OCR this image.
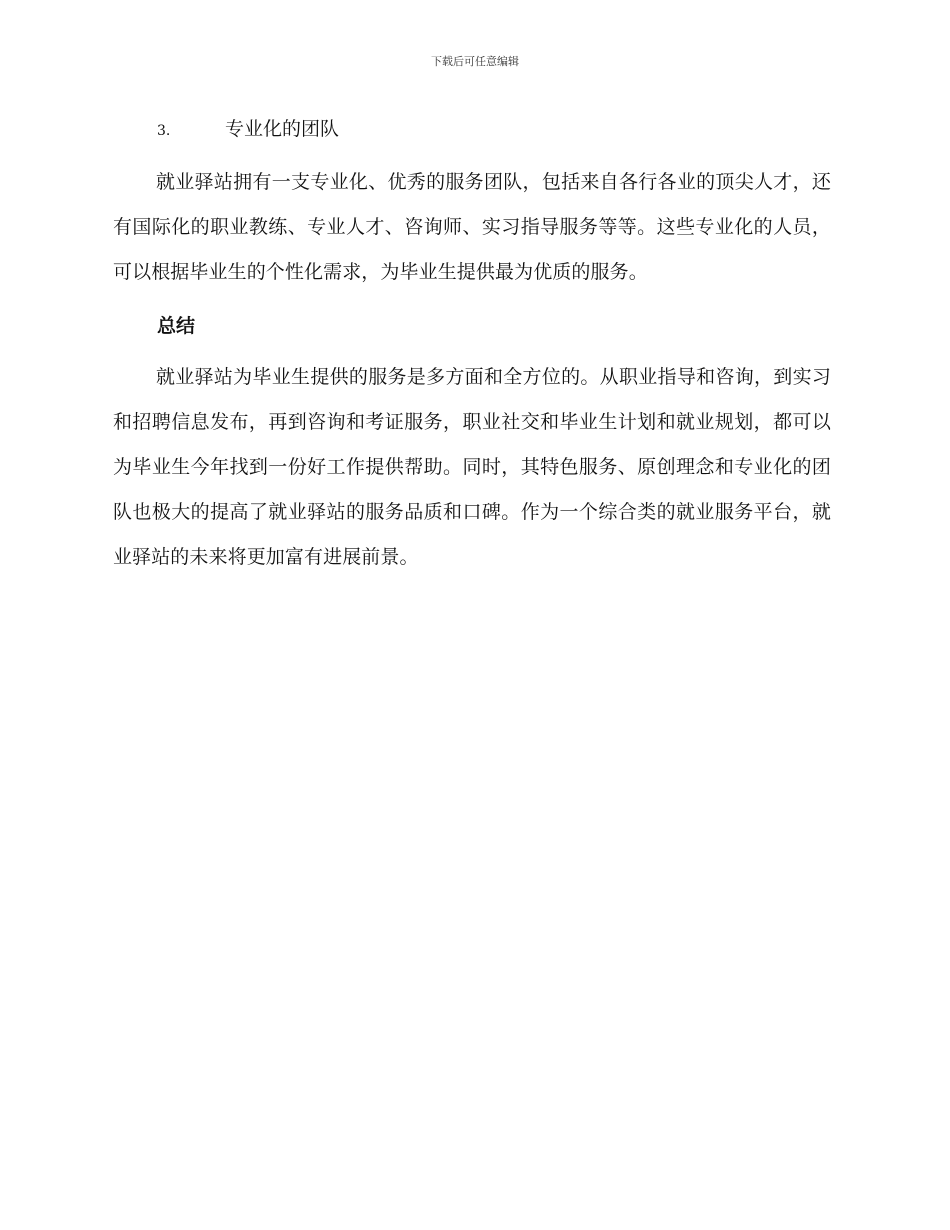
下载后可任意编辑
3.	专业化的团队

就业驿站拥有一支专业化、优秀的服务团队，包括来自各行各业的顶尖人才，还有国际化的职业教练、专业人才、咨询师、实习指导服务等等。这些专业化的人员，可以根据毕业生的个性化需求，为毕业生提供最为优质的服务。

总结

就业驿站为毕业生提供的服务是多方面和全方位的。从职业指导和咨询，到实习和招聘信息发布，再到咨询和考证服务，职业社交和毕业生计划和就业规划，都可以为毕业生今年找到一份好工作提供帮助。同时，其特色服务、原创理念和专业化的团队也极大的提高了就业驿站的服务品质和口碑。作为一个综合类的就业服务平台，就业驿站的未来将更加富有进展前景。
